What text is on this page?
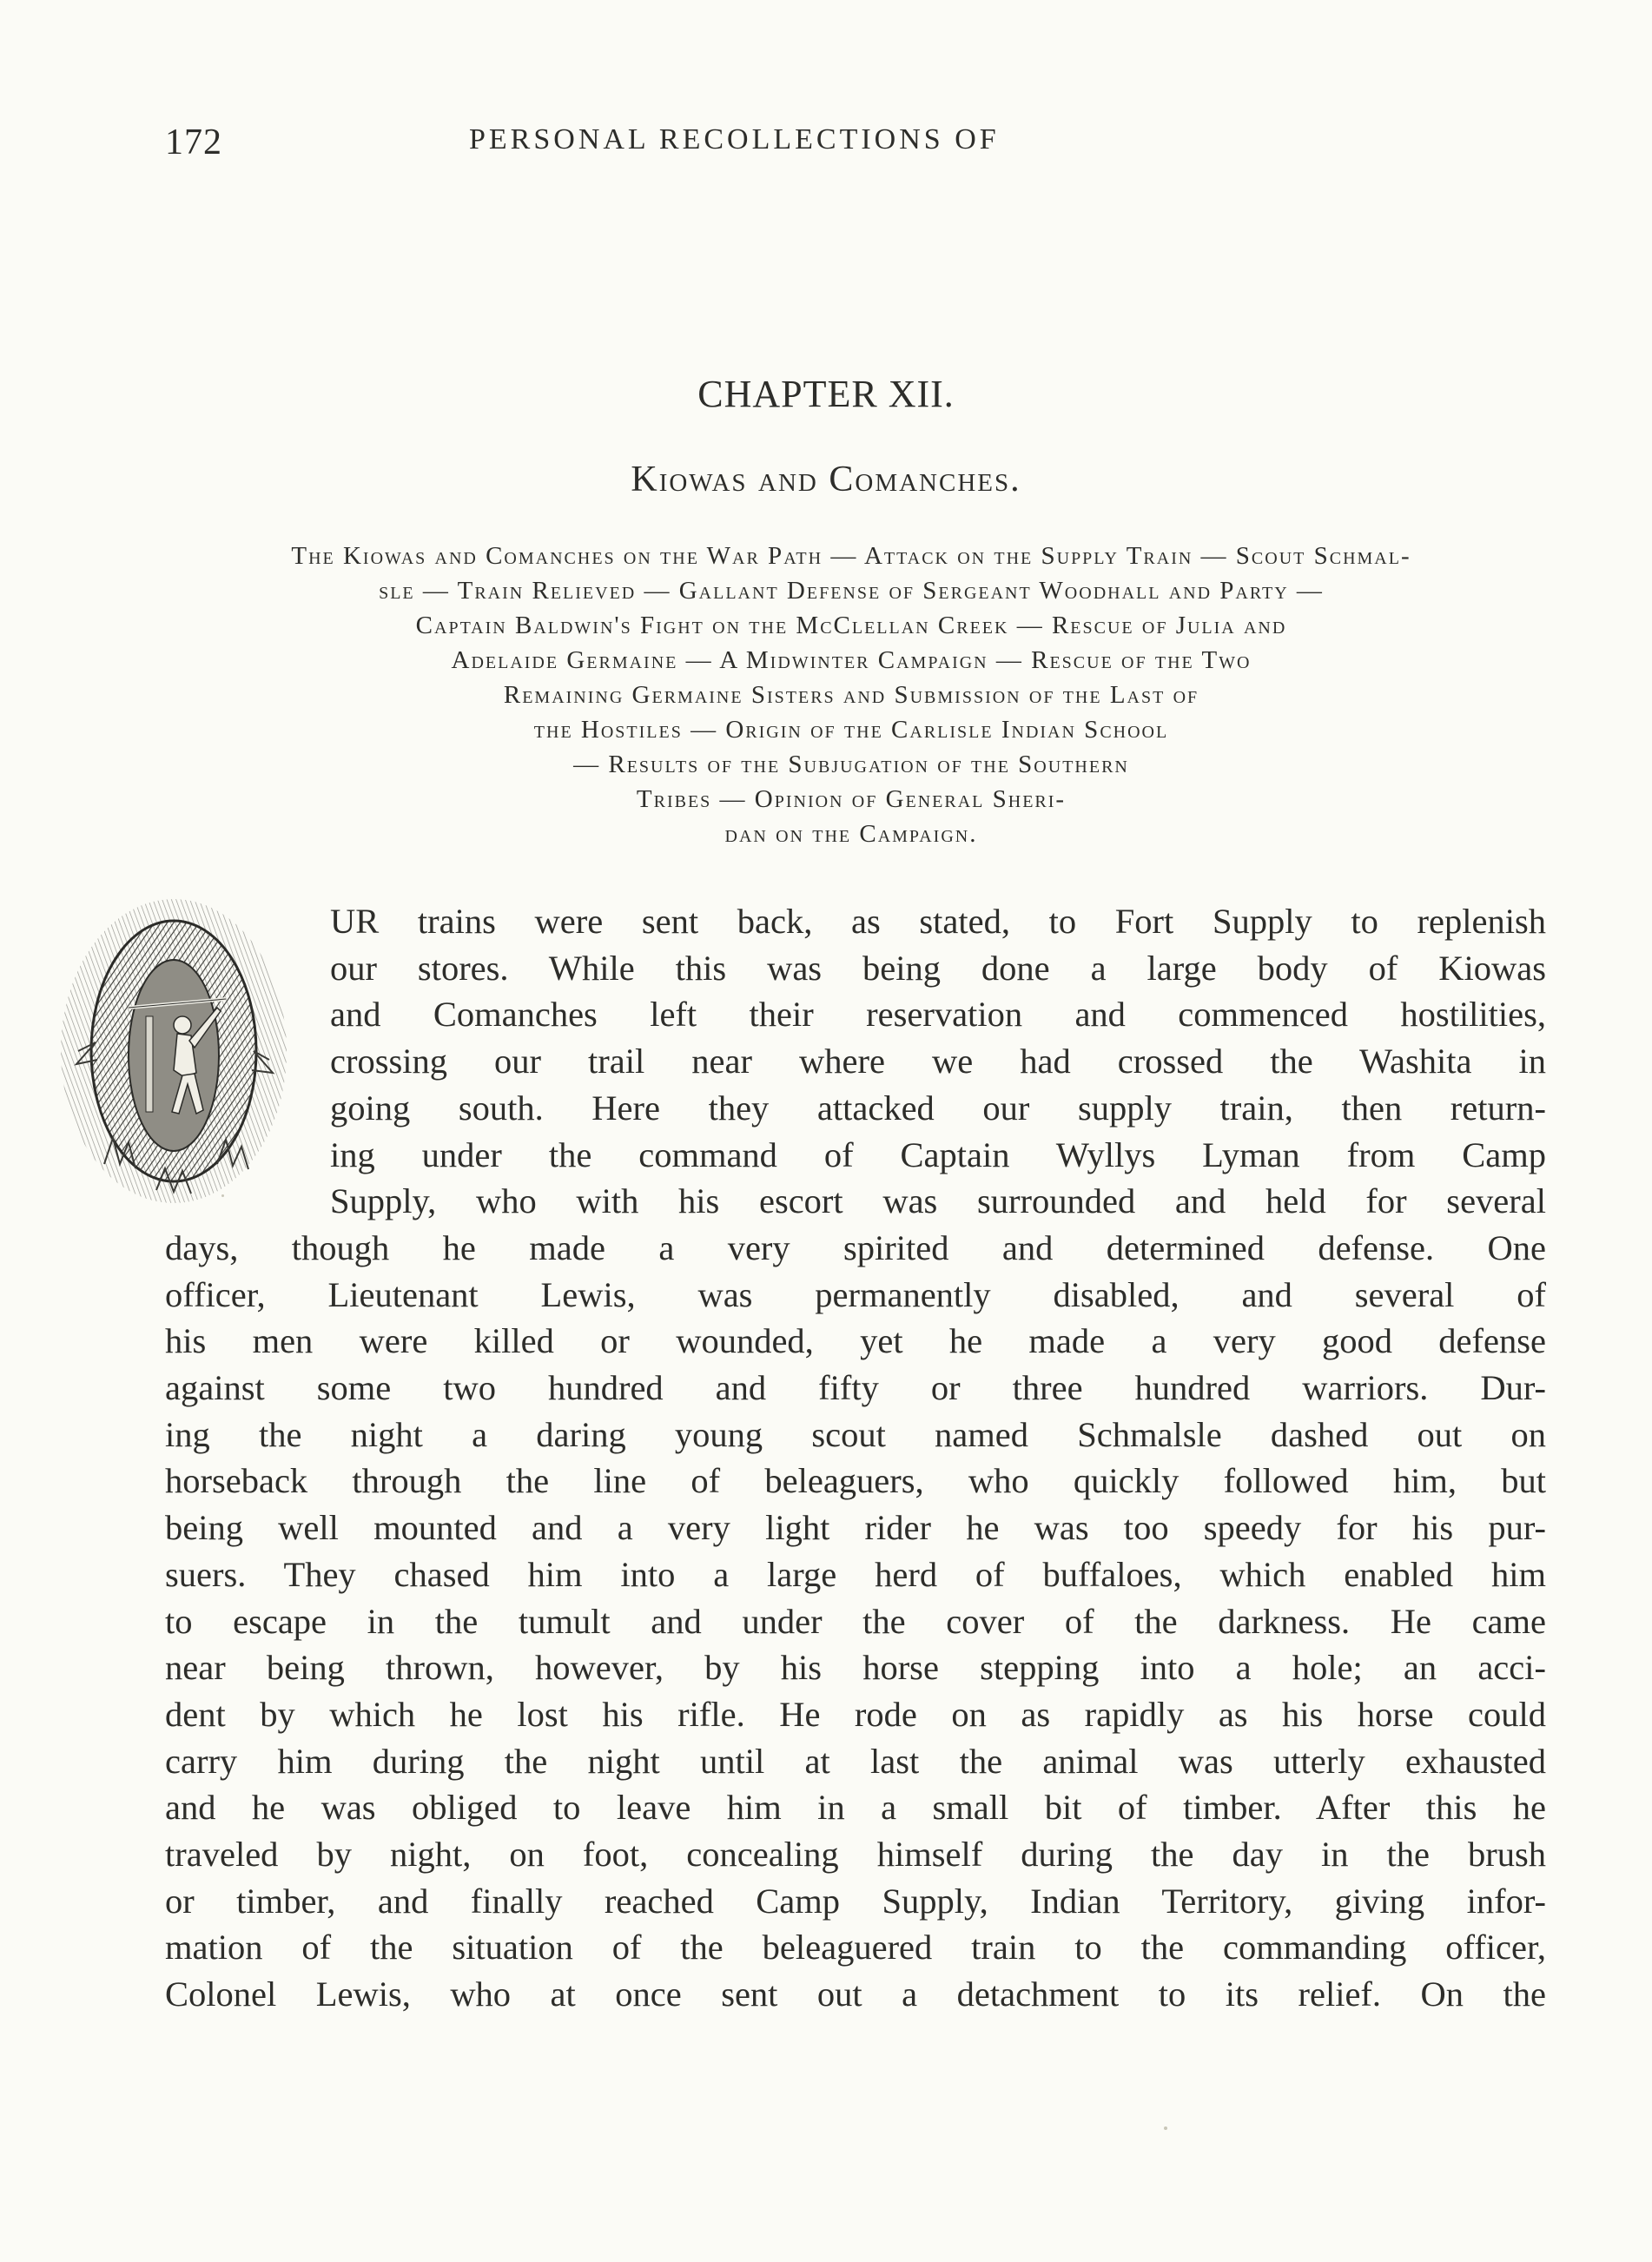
172	PERSONAL RECOLLECTIONS OF
CHAPTER XII.
Kiowas and Comanches.
The Kiowas and Comanches on the War Path — Attack on the Supply Train — Scout Schmal-
sle — Train Relieved — Gallant Defense of Sergeant Woodhall and Party —
Captain Baldwin's Fight on the McClellan Creek — Rescue of Julia and
Adelaide Germaine — A Midwinter Campaign — Rescue of the Two
Remaining Germaine Sisters and Submission of the Last of
the Hostiles — Origin of the Carlisle Indian School
— Results of the Subjugation of the Southern
Tribes — Opinion of General Sheri-
dan on the Campaign.
UR trains were sent back, as stated, to Fort Supply to replenish
our stores. While this was being done a large body of Kiowas
and Comanches left their reservation and commenced hostilities,
crossing our trail near where we had crossed the Washita in
going south. Here they attacked our supply train, then return-
ing under the command of Captain Wyllys Lyman from Camp
Supply, who with his escort was surrounded and held for several
days, though he made a very spirited and determined defense. One
officer, Lieutenant Lewis, was permanently disabled, and several of
his men were killed or wounded, yet he made a very good defense
against some two hundred and fifty or three hundred warriors. Dur-
ing the night a daring young scout named Schmalsle dashed out on
horseback through the line of beleaguers, who quickly followed him, but
being well mounted and a very light rider he was too speedy for his pur-
suers. They chased him into a large herd of buffaloes, which enabled him
to escape in the tumult and under the cover of the darkness. He came
near being thrown, however, by his horse stepping into a hole; an acci-
dent by which he lost his rifle. He rode on as rapidly as his horse could
carry him during the night until at last the animal was utterly exhausted
and he was obliged to leave him in a small bit of timber. After this he
traveled by night, on foot, concealing himself during the day in the brush
or timber, and finally reached Camp Supply, Indian Territory, giving infor-
mation of the situation of the beleaguered train to the commanding officer,
Colonel Lewis, who at once sent out a detachment to its relief. On the
